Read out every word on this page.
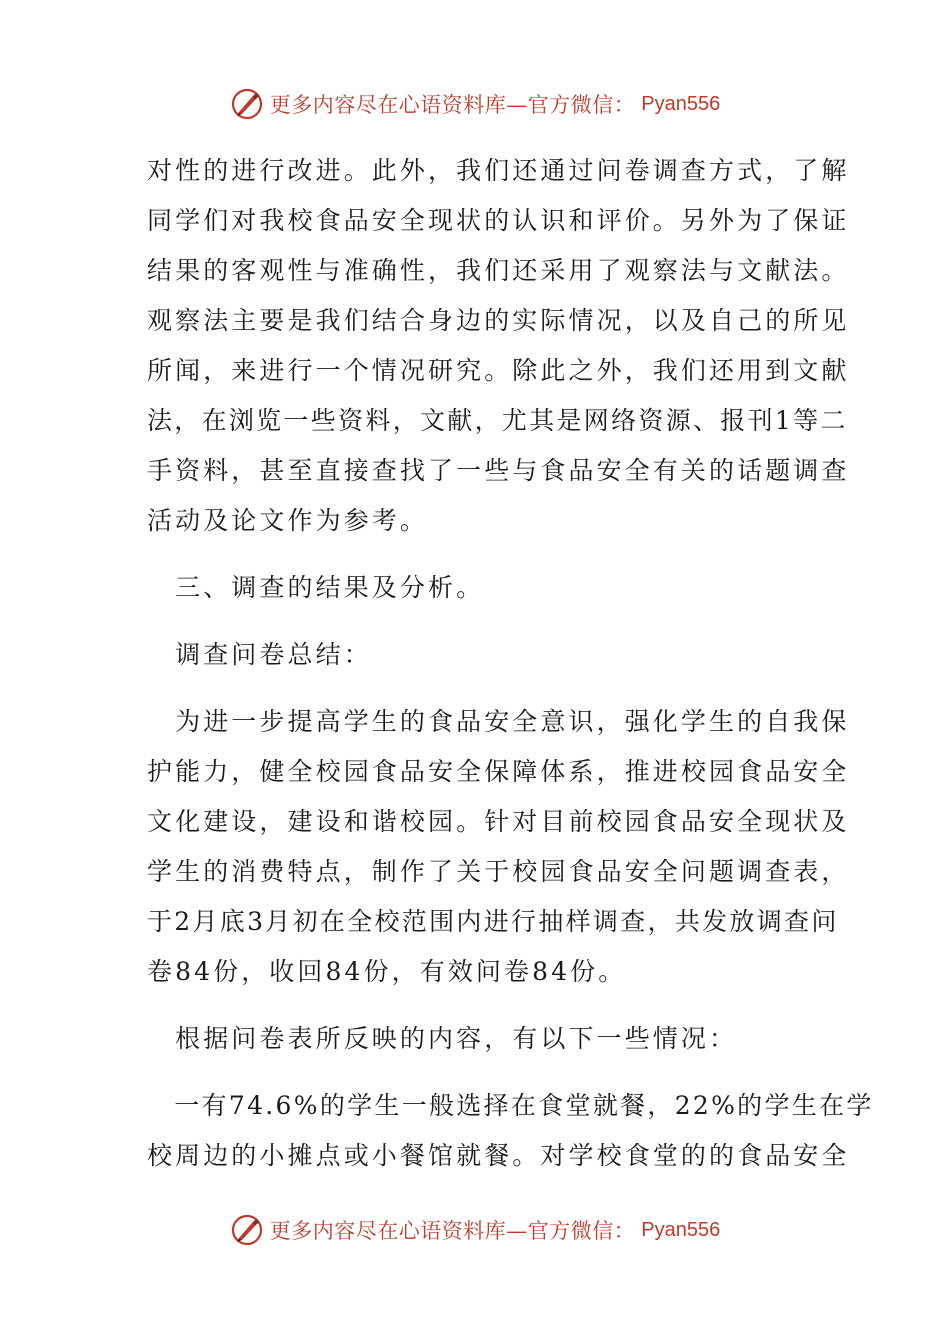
更多内容尽在心语资料库—官方微信： Pyan556
对性的进行改进。此外，我们还通过问卷调查方式，了解
同学们对我校食品安全现状的认识和评价。另外为了保证
结果的客观性与准确性，我们还采用了观察法与文献法。
观察法主要是我们结合身边的实际情况，以及自己的所见
所闻，来进行一个情况研究。除此之外，我们还用到文献
法，在浏览一些资料，文献，尤其是网络资源、报刊1等二
手资料，甚至直接查找了一些与食品安全有关的话题调查
活动及论文作为参考。
　三、调查的结果及分析。
　调查问卷总结：
　为进一步提高学生的食品安全意识，强化学生的自我保
护能力，健全校园食品安全保障体系，推进校园食品安全
文化建设，建设和谐校园。针对目前校园食品安全现状及
学生的消费特点，制作了关于校园食品安全问题调查表，
于2月底3月初在全校范围内进行抽样调查，共发放调查问
卷84份，收回84份，有效问卷84份。
　根据问卷表所反映的内容，有以下一些情况：
　一有74.6%的学生一般选择在食堂就餐，22%的学生在学
校周边的小摊点或小餐馆就餐。对学校食堂的的食品安全
更多内容尽在心语资料库—官方微信： Pyan556
